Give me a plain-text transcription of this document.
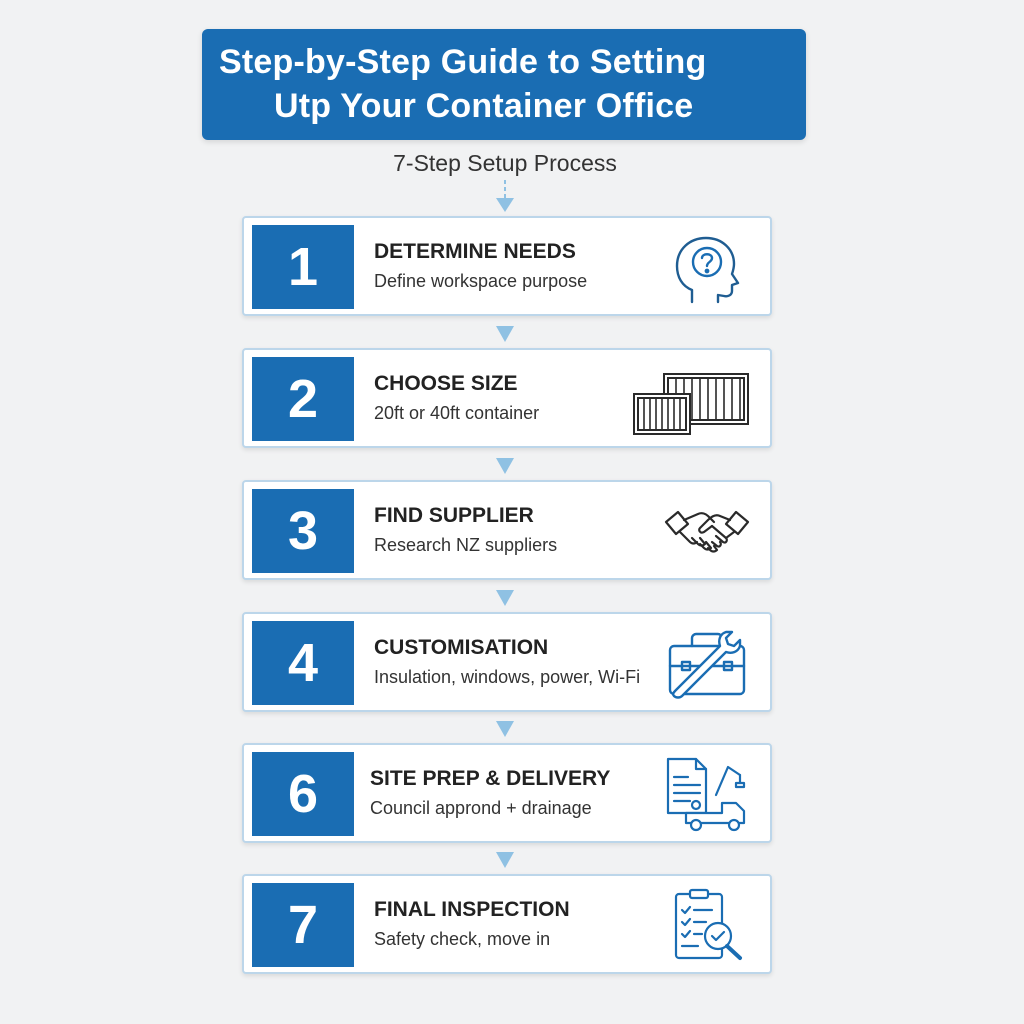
Step-by-Step Guide to Setting
Utp Your Container Office
7-Step Setup Process
1	DETERMINE NEEDS
Define workspace purpose
2	CHOOSE SIZE
20ft or 40ft container
3	FIND SUPPLIER
Research NZ suppliers
4	CUSTOMISATION
Insulation, windows, power, Wi-Fi
6	SITE PREP & DELIVERY
Council apprond + drainage
7	FINAL INSPECTION
Safety check, move in
